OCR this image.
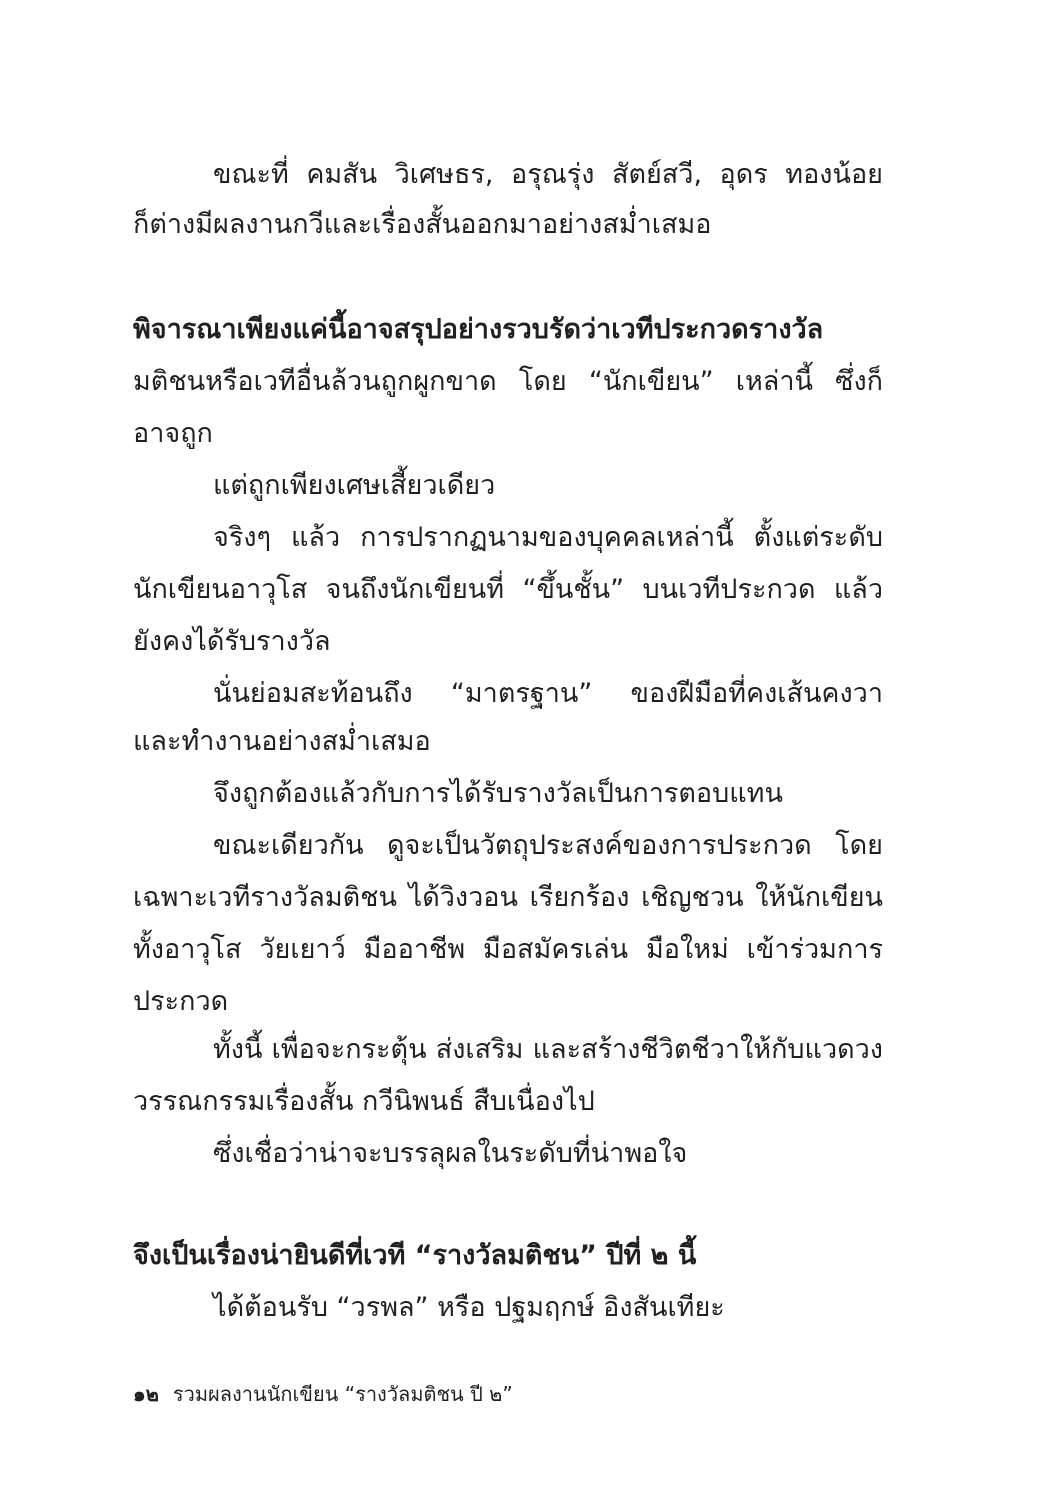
ขณะที่ คมสัน วิเศษธร, อรุณรุ่ง สัตย์สวี, อุดร ทองน้อย
ก็ต่างมีผลงานกวีและเรื่องสั้นออกมาอย่างสม่ำเสมอ
พิจารณาเพียงแค่นี้อาจสรุปอย่างรวบรัดว่าเวทีประกวดรางวัล
มติชนหรือเวทีอื่นล้วนถูกผูกขาด โดย “นักเขียน” เหล่านี้ ซึ่งก็
อาจถูก
แต่ถูกเพียงเศษเสี้ยวเดียว
จริงๆ แล้ว การปรากฏนามของบุคคลเหล่านี้ ตั้งแต่ระดับ
นักเขียนอาวุโส จนถึงนักเขียนที่ “ขึ้นชั้น” บนเวทีประกวด แล้ว
ยังคงได้รับรางวัล
นั่นย่อมสะท้อนถึง “มาตรฐาน” ของฝีมือที่คงเส้นคงวา
และทำงานอย่างสม่ำเสมอ
จึงถูกต้องแล้วกับการได้รับรางวัลเป็นการตอบแทน
ขณะเดียวกัน ดูจะเป็นวัตถุประสงค์ของการประกวด โดย
เฉพาะเวทีรางวัลมติชน ได้วิงวอน เรียกร้อง เชิญชวน ให้นักเขียน
ทั้งอาวุโส วัยเยาว์ มืออาชีพ มือสมัครเล่น มือใหม่ เข้าร่วมการ
ประกวด
ทั้งนี้ เพื่อจะกระตุ้น ส่งเสริม และสร้างชีวิตชีวาให้กับแวดวง
วรรณกรรมเรื่องสั้น กวีนิพนธ์ สืบเนื่องไป
ซึ่งเชื่อว่าน่าจะบรรลุผลในระดับที่น่าพอใจ
จึงเป็นเรื่องน่ายินดีที่เวที “รางวัลมติชน” ปีที่ ๒ นี้
ได้ต้อนรับ “วรพล” หรือ ปฐมฤกษ์ อิงสันเทียะ
๑๒ รวมผลงานนักเขียน “รางวัลมติชน ปี ๒”
